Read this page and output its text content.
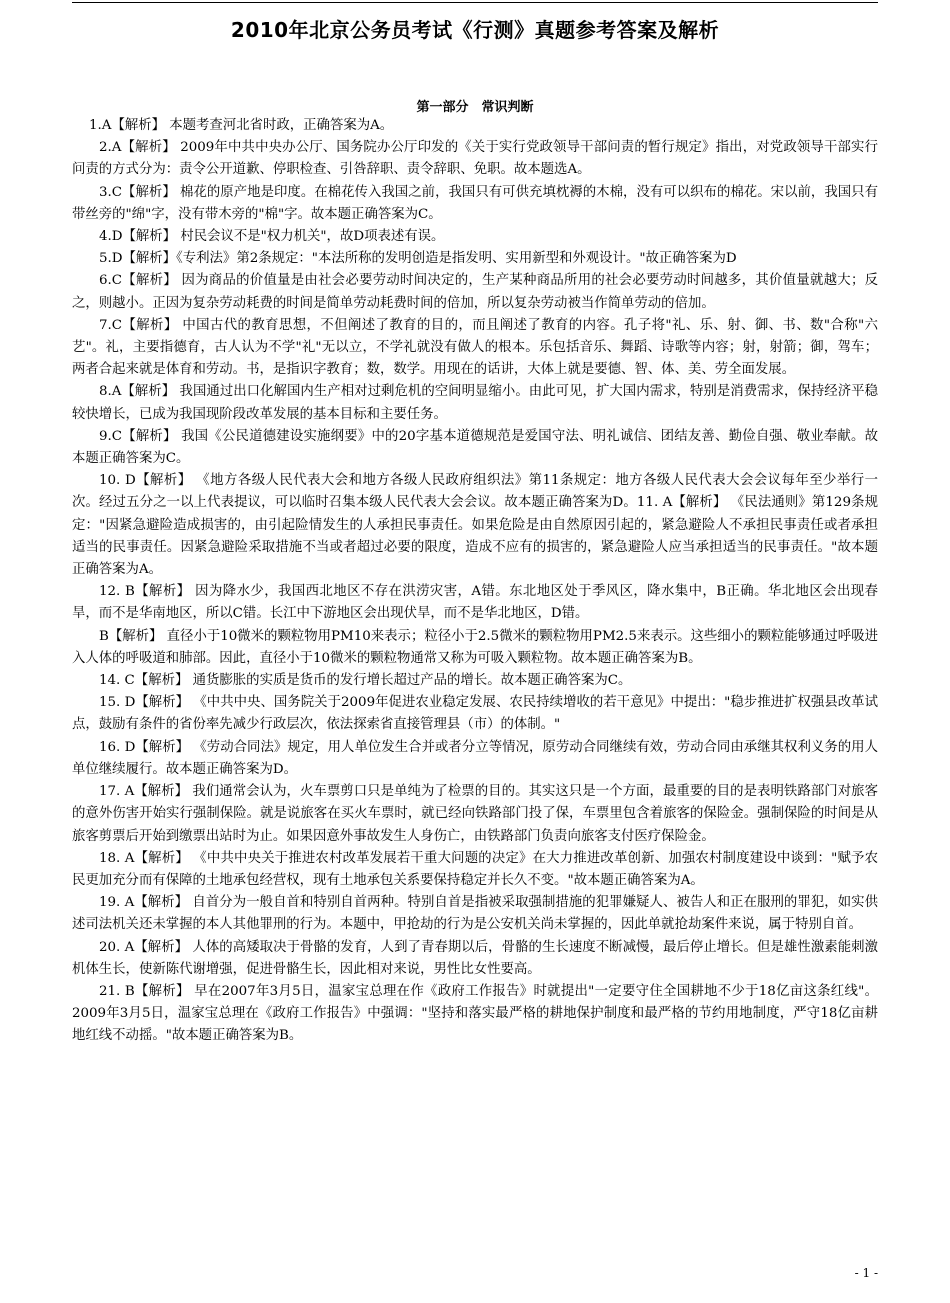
2010年北京公务员考试《行测》真题参考答案及解析
第一部分　常识判断

1.A【解析】 本题考查河北省时政，正确答案为A。

2.A【解析】 2009年中共中央办公厅、国务院办公厅印发的《关于实行党政领导干部问责的暂行规定》指出，对党政领导干部实行问责的方式分为：责令公开道歉、停职检查、引咎辞职、责令辞职、免职。故本题选A。

3.C【解析】 棉花的原产地是印度。在棉花传入我国之前，我国只有可供充填枕褥的木棉，没有可以织布的棉花。宋以前，我国只有带丝旁的"绵"字，没有带木旁的"棉"字。故本题正确答案为C。

4.D【解析】 村民会议不是"权力机关"，故D项表述有误。

5.D【解析】《专利法》第2条规定："本法所称的发明创造是指发明、实用新型和外观设计。"故正确答案为D

6.C【解析】 因为商品的价值量是由社会必要劳动时间决定的，生产某种商品所用的社会必要劳动时间越多，其价值量就越大；反之，则越小。正因为复杂劳动耗费的时间是简单劳动耗费时间的倍加，所以复杂劳动被当作简单劳动的倍加。

7.C【解析】 中国古代的教育思想，不但阐述了教育的目的，而且阐述了教育的内容。孔子将"礼、乐、射、御、书、数"合称"六艺"。礼，主要指德育，古人认为不学"礼"无以立，不学礼就没有做人的根本。乐包括音乐、舞蹈、诗歌等内容；射，射箭；御，驾车；两者合起来就是体育和劳动。书，是指识字教育；数，数学。用现在的话讲，大体上就是要德、智、体、美、劳全面发展。

8.A【解析】 我国通过出口化解国内生产相对过剩危机的空间明显缩小。由此可见，扩大国内需求，特别是消费需求，保持经济平稳较快增长，已成为我国现阶段改革发展的基本目标和主要任务。

9.C【解析】 我国《公民道德建设实施纲要》中的20字基本道德规范是爱国守法、明礼诚信、团结友善、勤俭自强、敬业奉献。故本题正确答案为C。

10. D【解析】 《地方各级人民代表大会和地方各级人民政府组织法》第11条规定：地方各级人民代表大会会议每年至少举行一次。经过五分之一以上代表提议，可以临时召集本级人民代表大会会议。故本题正确答案为D。11. A【解析】 《民法通则》第129条规定："因紧急避险造成损害的，由引起险情发生的人承担民事责任。如果危险是由自然原因引起的，紧急避险人不承担民事责任或者承担适当的民事责任。因紧急避险采取措施不当或者超过必要的限度，造成不应有的损害的，紧急避险人应当承担适当的民事责任。"故本题正确答案为A。

12. B【解析】 因为降水少，我国西北地区不存在洪涝灾害，A错。东北地区处于季风区，降水集中，B正确。华北地区会出现春旱，而不是华南地区，所以C错。长江中下游地区会出现伏旱，而不是华北地区，D错。

B【解析】 直径小于10微米的颗粒物用PM10来表示；粒径小于2.5微米的颗粒物用PM2.5来表示。这些细小的颗粒能够通过呼吸进入人体的呼吸道和肺部。因此，直径小于10微米的颗粒物通常又称为可吸入颗粒物。故本题正确答案为B。

14. C【解析】 通货膨胀的实质是货币的发行增长超过产品的增长。故本题正确答案为C。

15. D【解析】 《中共中央、国务院关于2009年促进农业稳定发展、农民持续增收的若干意见》中提出："稳步推进扩权强县改革试点，鼓励有条件的省份率先减少行政层次，依法探索省直接管理县（市）的体制。"

16. D【解析】 《劳动合同法》规定，用人单位发生合并或者分立等情况，原劳动合同继续有效，劳动合同由承继其权利义务的用人单位继续履行。故本题正确答案为D。

17. A【解析】 我们通常会认为，火车票剪口只是单纯为了检票的目的。其实这只是一个方面，最重要的目的是表明铁路部门对旅客的意外伤害开始实行强制保险。就是说旅客在买火车票时，就已经向铁路部门投了保，车票里包含着旅客的保险金。强制保险的时间是从旅客剪票后开始到缴票出站时为止。如果因意外事故发生人身伤亡，由铁路部门负责向旅客支付医疗保险金。

18. A【解析】 《中共中央关于推进农村改革发展若干重大问题的决定》在大力推进改革创新、加强农村制度建设中谈到："赋予农民更加充分而有保障的土地承包经营权，现有土地承包关系要保持稳定并长久不变。"故本题正确答案为A。

19. A【解析】 自首分为一般自首和特别自首两种。特别自首是指被采取强制措施的犯罪嫌疑人、被告人和正在服刑的罪犯，如实供述司法机关还未掌握的本人其他罪刑的行为。本题中，甲抢劫的行为是公安机关尚未掌握的，因此单就抢劫案件来说，属于特别自首。

20. A【解析】 人体的高矮取决于骨骼的发育，人到了青春期以后，骨骼的生长速度不断减慢，最后停止增长。但是雄性激素能刺激机体生长，使新陈代谢增强，促进骨骼生长，因此相对来说，男性比女性要高。

21. B【解析】 早在2007年3月5日，温家宝总理在作《政府工作报告》时就提出"一定要守住全国耕地不少于18亿亩这条红线"。 2009年3月5日，温家宝总理在《政府工作报告》中强调："坚持和落实最严格的耕地保护制度和最严格的节约用地制度，严守18亿亩耕地红线不动摇。"故本题正确答案为B。

- 1 -
